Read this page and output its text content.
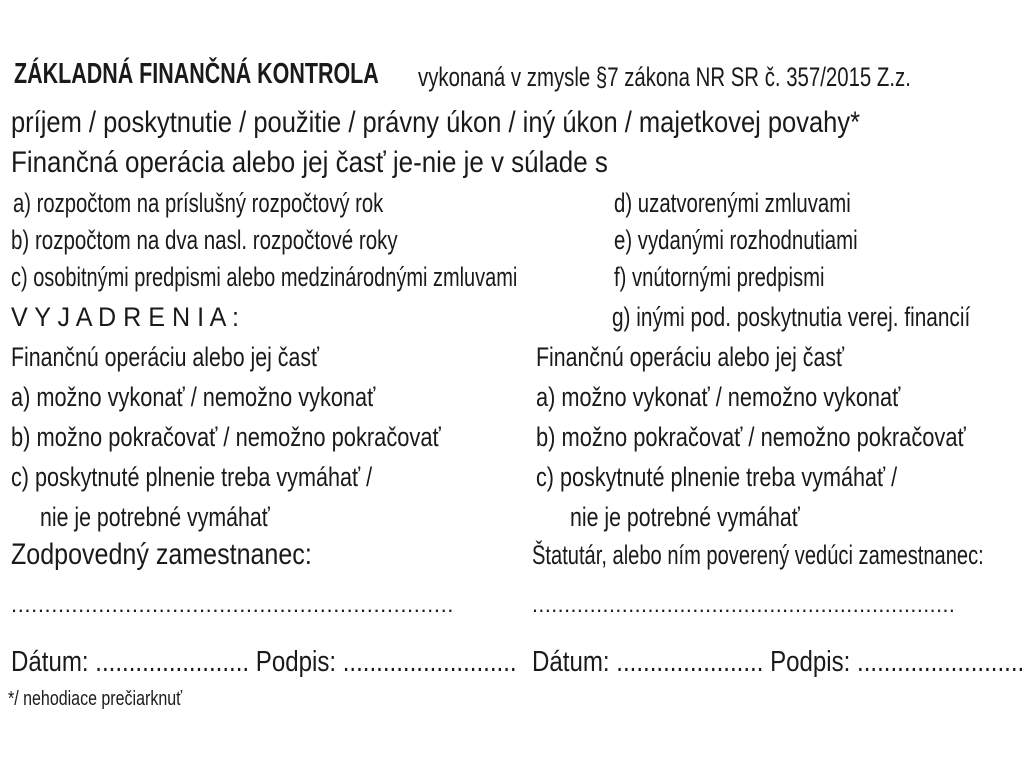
ZÁKLADNÁ FINANČNÁ KONTROLA	vykonaná v zmysle §7 zákona NR SR č. 357/2015 Z.z.
príjem / poskytnutie / použitie / právny úkon / iný úkon / majetkovej povahy*
Finančná operácia alebo jej časť je-nie je v súlade s
a) rozpočtom na príslušný rozpočtový rok
b) rozpočtom na dva nasl. rozpočtové roky
c) osobitnými predpismi alebo medzinárodnými zmluvami
d) uzatvorenými zmluvami
e) vydanými rozhodnutiami
f) vnútornými predpismi
g) inými pod. poskytnutia verej. financií
V Y J A D R E N I A :
Finančnú operáciu alebo jej časť
a) možno vykonať / nemožno vykonať
b) možno pokračovať / nemožno pokračovať
c) poskytnuté plnenie treba vymáhať /
nie je potrebné vymáhať
Zodpovedný zamestnanec:
..................................................................
Dátum: ....................... Podpis: ..........................
Finančnú operáciu alebo jej časť
a) možno vykonať / nemožno vykonať
b) možno pokračovať / nemožno pokračovať
c) poskytnuté plnenie treba vymáhať /
nie je potrebné vymáhať
Štatutár, alebo ním poverený vedúci zamestnanec:
..................................................................
Dátum: ...................... Podpis: .........................
*/ nehodiace prečiarknuť
